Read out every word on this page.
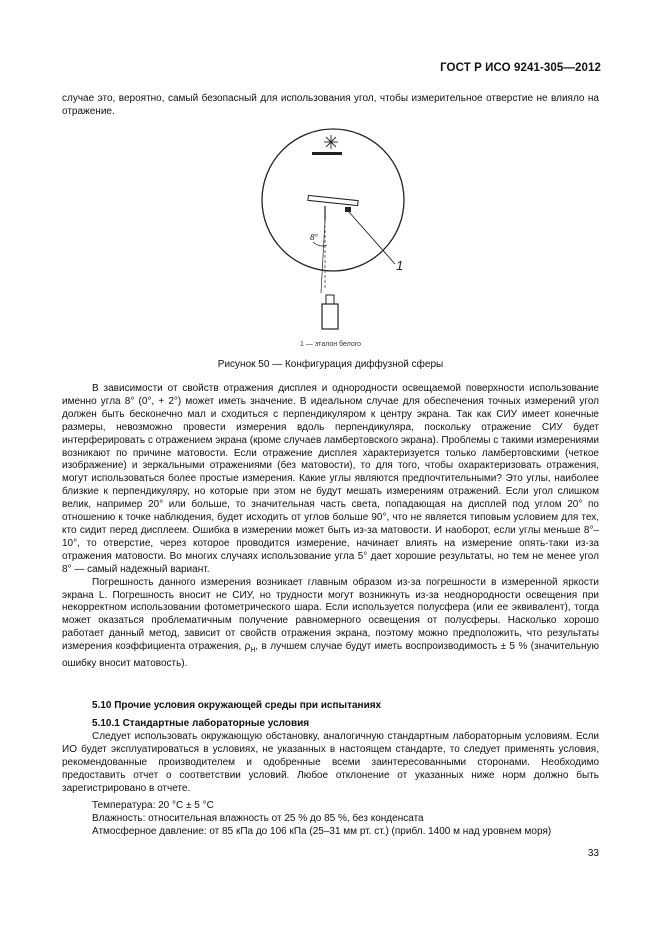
ГОСТ Р ИСО 9241-305—2012

случае это, вероятно, самый безопасный для использования угол, чтобы измерительное отверстие не влияло на отражение.

8°
1
1 — эталон белого
Рисунок 50 — Конфигурация диффузной сферы

В зависимости от свойств отражения дисплея и однородности освещаемой поверхности использование именно угла 8° (0°, + 2°) может иметь значение. В идеальном случае для обеспечения точных измерений угол должен быть бесконечно мал и сходиться с перпендикуляром к центру экрана. Так как СИУ имеет конечные размеры, невозможно провести измерения вдоль перпендикуляра, поскольку отражение СИУ будет интерферировать с отражением экрана (кроме случаев ламбертовского экрана). Проблемы с такими измерениями возникают по причине матовости. Если отражение дисплея характеризуется только ламбертовскими (четкое изображение) и зеркальными отражениями (без матовости), то для того, чтобы охарактеризовать отражения, могут использоваться более простые измерения. Какие углы являются предпочтительными? Это углы, наиболее близкие к перпендикуляру, но которые при этом не будут мешать измерениям отражений. Если угол слишком велик, например 20° или больше, то значительная часть света, попадающая на дисплей под углом 20° по отношению к точке наблюдения, будет исходить от углов больше 90°, что не является типовым условием для тех, кто сидит перед дисплеем. Ошибка в измерении может быть из-за матовости. И наоборот, если углы меньше 8°–10°, то отверстие, через которое проводится измерение, начинает влиять на измерение опять-таки из-за отражения матовости. Во многих случаях использование угла 5° дает хорошие результаты, но тем не менее угол 8° — самый надежный вариант.

Погрешность данного измерения возникает главным образом из-за погрешности в измеренной яркости экрана L. Погрешность вносит не СИУ, но трудности могут возникнуть из-за неоднородности освещения при некорректном использовании фотометрического шара. Если используется полусфера (или ее эквивалент), тогда может оказаться проблематичным получение равномерного освещения от полусферы. Насколько хорошо работает данный метод, зависит от свойств отражения экрана, поэтому можно предположить, что результаты измерения коэффициента отражения, $\rho_H$, в лучшем случае будут иметь воспроизводимость ± 5 % (значительную ошибку вносит матовость).

5.10 Прочие условия окружающей среды при испытаниях
5.10.1 Стандартные лабораторные условия

Следует использовать окружающую обстановку, аналогичную стандартным лабораторным условиям. Если ИО будет эксплуатироваться в условиях, не указанных в настоящем стандарте, то следует применять условия, рекомендованные производителем и одобренные всеми заинтересованными сторонами. Необходимо предоставить отчет о соответствии условий. Любое отклонение от указанных ниже норм должно быть зарегистрировано в отчете.

Температура: 20 °C ± 5 °C
Влажность: относительная влажность от 25 % до 85 %, без конденсата
Атмосферное давление: от 85 кПа до 106 кПа (25–31 мм рт. ст.) (прибл. 1400 м над уровнем моря)
33
